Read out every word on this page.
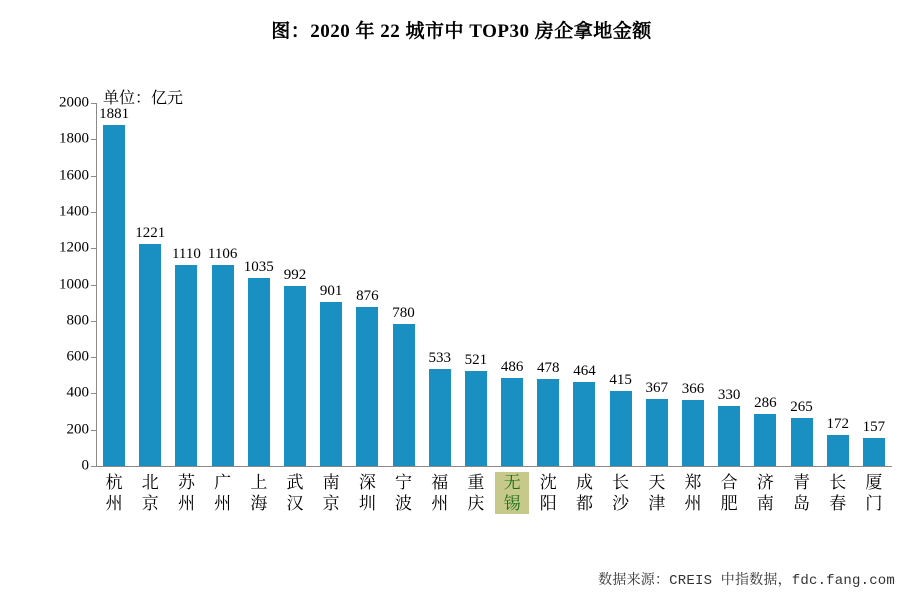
图：2020 年 22 城市中 TOP30 房企拿地金额
单位：亿元
0
200
400
600
800
1000
1200
1400
1600
1800
2000
1881
1221
1110 1106
1035 992
901 876
780
533 521 486 478 464
415
367 366 330 286 265
172 157
杭
州
北
京
苏
州
广
州
上
海
武
汉
南
京
深
圳
宁
波
福
州
重
庆
无
锡
沈
阳
成
都
长
沙
天
津
郑
州
合
肥
济
南
青
岛
长
春
厦
门
数据来源：CREIS 中指数据，fdc.fang.com
